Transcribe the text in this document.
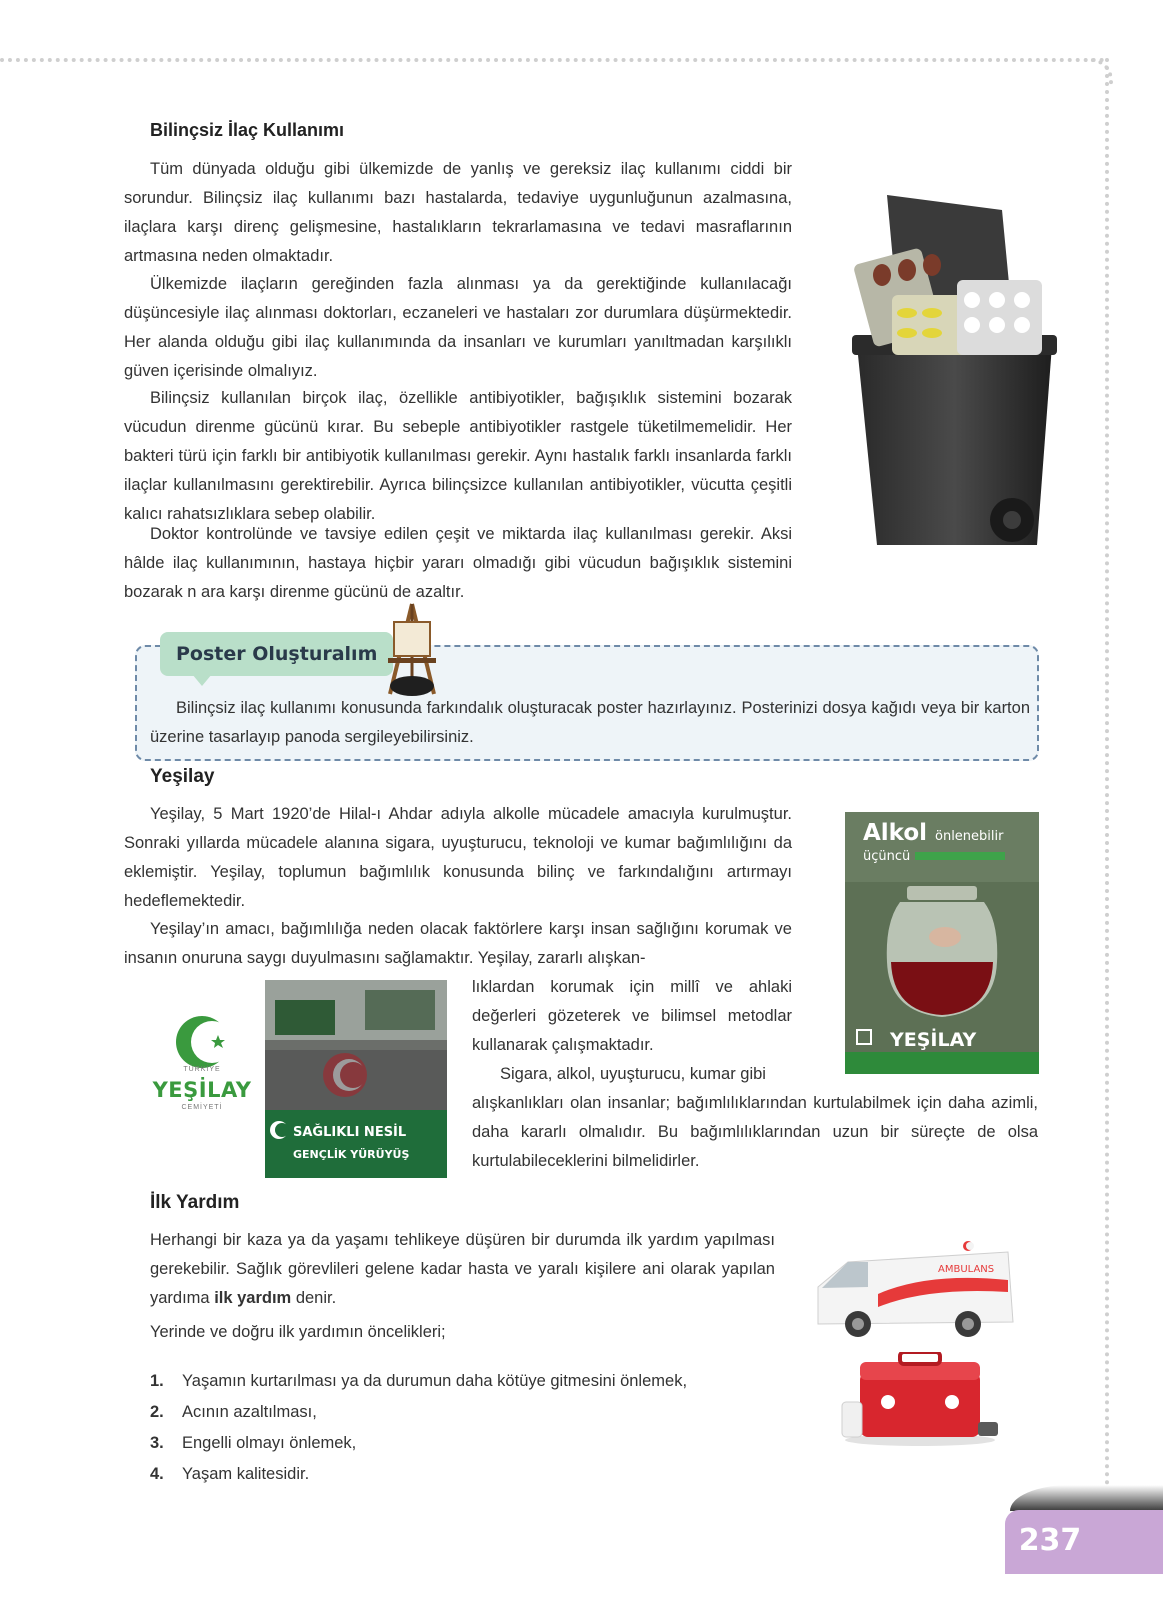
Bilinçsiz İlaç Kullanımı

Tüm dünyada olduğu gibi ülkemizde de yanlış ve gereksiz ilaç kullanımı ciddi bir sorundur. Bilinçsiz ilaç kullanımı bazı hastalarda, tedaviye uygunluğunun azalmasına, ilaçlara karşı direnç gelişmesine, hastalıkların tekrarlamasına ve tedavi masraflarının artmasına neden olmaktadır.

Ülkemizde ilaçların gereğinden fazla alınması ya da gerektiğinde kullanılacağı düşüncesiyle ilaç alınması doktorları, eczaneleri ve hastaları zor durumlara düşürmektedir. Her alanda olduğu gibi ilaç kullanımında da insanları ve kurumları yanıltmadan karşılıklı güven içerisinde olmalıyız.

Bilinçsiz kullanılan birçok ilaç, özellikle antibiyotikler, bağışıklık sistemini bozarak vücudun direnme gücünü kırar. Bu sebeple antibiyotikler rastgele tüketilmemelidir. Her bakteri türü için farklı bir antibiyotik kullanılması gerekir. Aynı hastalık farklı insanlarda farklı ilaçlar kullanılmasını gerektirebilir. Ayrıca bilinçsizce kullanılan antibiyotikler, vücutta çeşitli kalıcı rahatsızlıklara sebep olabilir.

Doktor kontrolünde ve tavsiye edilen çeşit ve miktarda ilaç kullanılması gerekir. Aksi hâlde ilaç kullanımının, hastaya hiçbir yararı olmadığı gibi vücudun bağışıklık sistemini bozarak n ara karşı direnme gücünü de azaltır.

Poster Oluşturalım

Bilinçsiz ilaç kullanımı konusunda farkındalık oluşturacak poster hazırlayınız. Posterinizi dosya kağıdı veya bir karton üzerine tasarlayıp panoda sergileyebilirsiniz.

Yeşilay

Yeşilay, 5 Mart 1920’de Hilal-ı Ahdar adıyla alkolle mücadele amacıyla kurulmuştur. Sonraki yıllarda mücadele alanına sigara, uyuşturucu, teknoloji ve kumar bağımlılığını da eklemiştir. Yeşilay, toplumun bağımlılık konusunda bilinç ve farkındalığını artırmayı hedeflemektedir.

Yeşilay’ın amacı, bağımlılığa neden olacak faktörlere karşı insan sağlığını korumak ve insanın onuruna saygı duyulmasını sağlamaktır. Yeşilay, zararlı alışkan-

lıklardan korumak için millî ve ahlaki değerleri gözeterek ve bilimsel metodlar kullanarak çalışmaktadır.

Sigara, alkol, uyuşturucu, kumar gibi

alışkanlıkları olan insanlar; bağımlılıklarından kurtulabilmek için daha azimli, daha kararlı olmalıdır. Bu bağımlılıklarından uzun bir süreçte de olsa kurtulabileceklerini bilmelidirler.

Alkol önlenebilir
üçüncü
YEŞİLAY
TÜRKİYE
YEŞİLAY
CEMİYETİ
SAĞLIKLI NESİL
GENÇLİK YÜRÜYÜŞ
İlk Yardım

Herhangi bir kaza ya da yaşamı tehlikeye düşüren bir durumda ilk yardım yapılması gerekebilir. Sağlık görevlileri gelene kadar hasta ve yaralı kişilere ani olarak yapılan yardıma ilk yardım denir.

Yerinde ve doğru ilk yardımın öncelikleri;

1. Yaşamın kurtarılması ya da durumun daha kötüye gitmesini önlemek,
2. Acının azaltılması,
3. Engelli olmayı önlemek,
4. Yaşam kalitesidir.
AMBULANS
237
